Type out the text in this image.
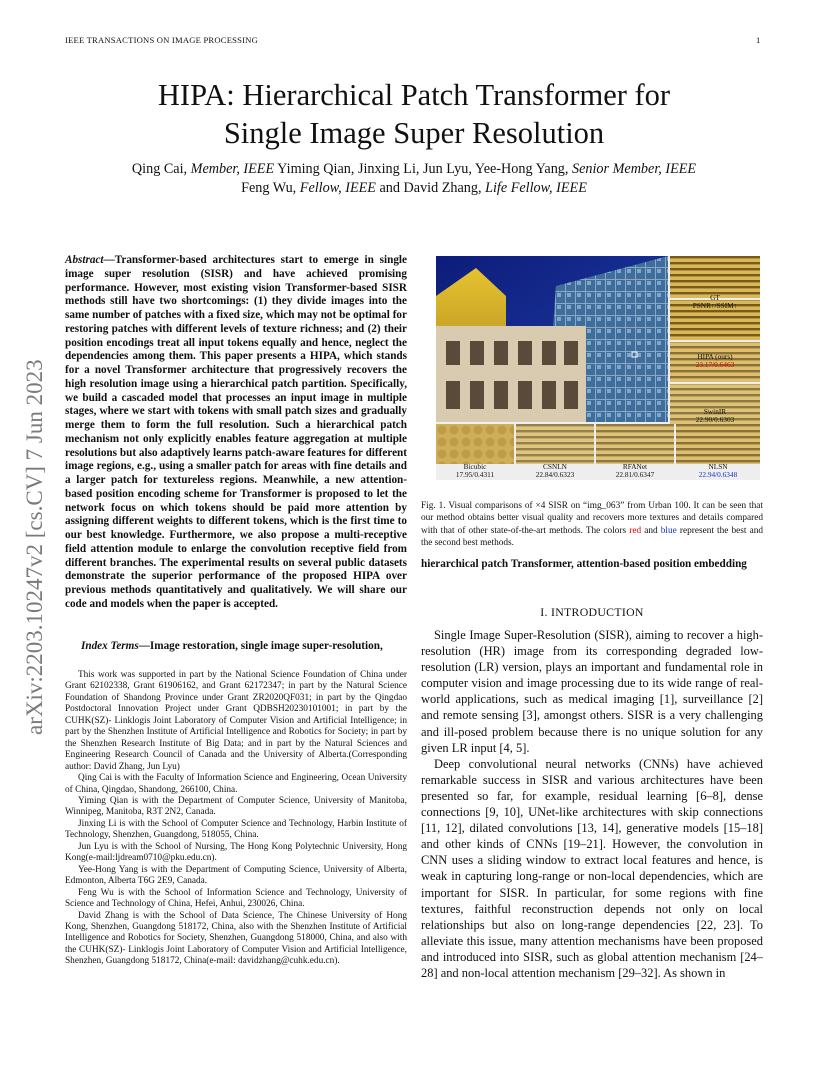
IEEE TRANSACTIONS ON IMAGE PROCESSING	1
HIPA: Hierarchical Patch Transformer for
Single Image Super Resolution
Qing Cai, Member, IEEE Yiming Qian, Jinxing Li, Jun Lyu, Yee-Hong Yang, Senior Member, IEEE
Feng Wu, Fellow, IEEE and David Zhang, Life Fellow, IEEE
arXiv:2203.10247v2 [cs.CV] 7 Jun 2023
Abstract—Transformer-based architectures start to emerge in single image super resolution (SISR) and have achieved promising performance. However, most existing vision Transformer-based SISR methods still have two shortcomings: (1) they divide images into the same number of patches with a fixed size, which may not be optimal for restoring patches with different levels of texture richness; and (2) their position encodings treat all input tokens equally and hence, neglect the dependencies among them. This paper presents a HIPA, which stands for a novel Transformer architecture that progressively recovers the high resolution image using a hierarchical patch partition. Specifically, we build a cascaded model that processes an input image in multiple stages, where we start with tokens with small patch sizes and gradually merge them to form the full resolution. Such a hierarchical patch mechanism not only explicitly enables feature aggregation at multiple resolutions but also adaptively learns patch-aware features for different image regions, e.g., using a smaller patch for areas with fine details and a larger patch for textureless regions. Meanwhile, a new attention-based position encoding scheme for Transformer is proposed to let the network focus on which tokens should be paid more attention by assigning different weights to different tokens, which is the first time to our best knowledge. Furthermore, we also propose a multi-receptive field attention module to enlarge the convolution receptive field from different branches. The experimental results on several public datasets demonstrate the superior performance of the proposed HIPA over previous methods quantitatively and qualitatively. We will share our code and models when the paper is accepted.
Index Terms—Image restoration, single image super-resolution,

This work was supported in part by the National Science Foundation of China under Grant 62102338, Grant 61906162, and Grant 62172347; in part by the Natural Science Foundation of Shandong Province under Grant ZR2020QF031; in part by the Qingdao Postdoctoral Innovation Project under Grant QDBSH20230101001; in part by the CUHK(SZ)- Linklogis Joint Laboratory of Computer Vision and Artificial Intelligence; in part by the Shenzhen Institute of Artificial Intelligence and Robotics for Society; in part by the Shenzhen Research Institute of Big Data; and in part by the Natural Sciences and Engineering Research Council of Canada and the University of Alberta.(Corresponding author: David Zhang, Jun Lyu)

Qing Cai is with the Faculty of Information Science and Engineering, Ocean University of China, Qingdao, Shandong, 266100, China.

Yiming Qian is with the Department of Computer Science, University of Manitoba, Winnipeg, Manitoba, R3T 2N2, Canada.

Jinxing Li is with the School of Computer Science and Technology, Harbin Institute of Technology, Shenzhen, Guangdong, 518055, China.

Jun Lyu is with the School of Nursing, The Hong Kong Polytechnic University, Hong Kong(e-mail:ljdream0710@pku.edu.cn).

Yee-Hong Yang is with the Department of Computing Science, University of Alberta, Edmonton, Alberta T6G 2E9, Canada.

Feng Wu is with the School of Information Science and Technology, University of Science and Technology of China, Hefei, Anhui, 230026, China.

David Zhang is with the School of Data Science, The Chinese University of Hong Kong, Shenzhen, Guangdong 518172, China, also with the Shenzhen Institute of Artificial Intelligence and Robotics for Society, Shenzhen, Guangdong 518000, China, and also with the CUHK(SZ)- Linklogis Joint Laboratory of Computer Vision and Artificial Intelligence, Shenzhen, Guangdong 518172, China(e-mail: davidzhang@cuhk.edu.cn).

GT
PSNR↑/SSIM↑
HIPA (ours)
23.17/0.6463
SwinIR
22.90/0.6303
Bicubic
17.95/0.4311
CSNLN
22.84/0.6323
RFANet
22.81/0.6347
NLSN
22.94/0.6348
Fig. 1. Visual comparisons of ×4 SISR on “img_063” from Urban 100. It can be seen that our method obtains better visual quality and recovers more textures and details compared with that of other state-of-the-art methods. The colors red and blue represent the best and the second best methods.
hierarchical patch Transformer, attention-based position embedding
I. INTRODUCTION

Single Image Super-Resolution (SISR), aiming to recover a high-resolution (HR) image from its corresponding degraded low-resolution (LR) version, plays an important and fundamental role in computer vision and image processing due to its wide range of real-world applications, such as medical imaging [1], surveillance [2] and remote sensing [3], amongst others. SISR is a very challenging and ill-posed problem because there is no unique solution for any given LR input [4, 5].

Deep convolutional neural networks (CNNs) have achieved remarkable success in SISR and various architectures have been presented so far, for example, residual learning [6–8], dense connections [9, 10], UNet-like architectures with skip connections [11, 12], dilated convolutions [13, 14], generative models [15–18] and other kinds of CNNs [19–21]. However, the convolution in CNN uses a sliding window to extract local features and hence, is weak in capturing long-range or non-local dependencies, which are important for SISR. In particular, for some regions with fine textures, faithful reconstruction depends not only on local relationships but also on long-range dependencies [22, 23]. To alleviate this issue, many attention mechanisms have been proposed and introduced into SISR, such as global attention mechanism [24–28] and non-local attention mechanism [29–32]. As shown in
